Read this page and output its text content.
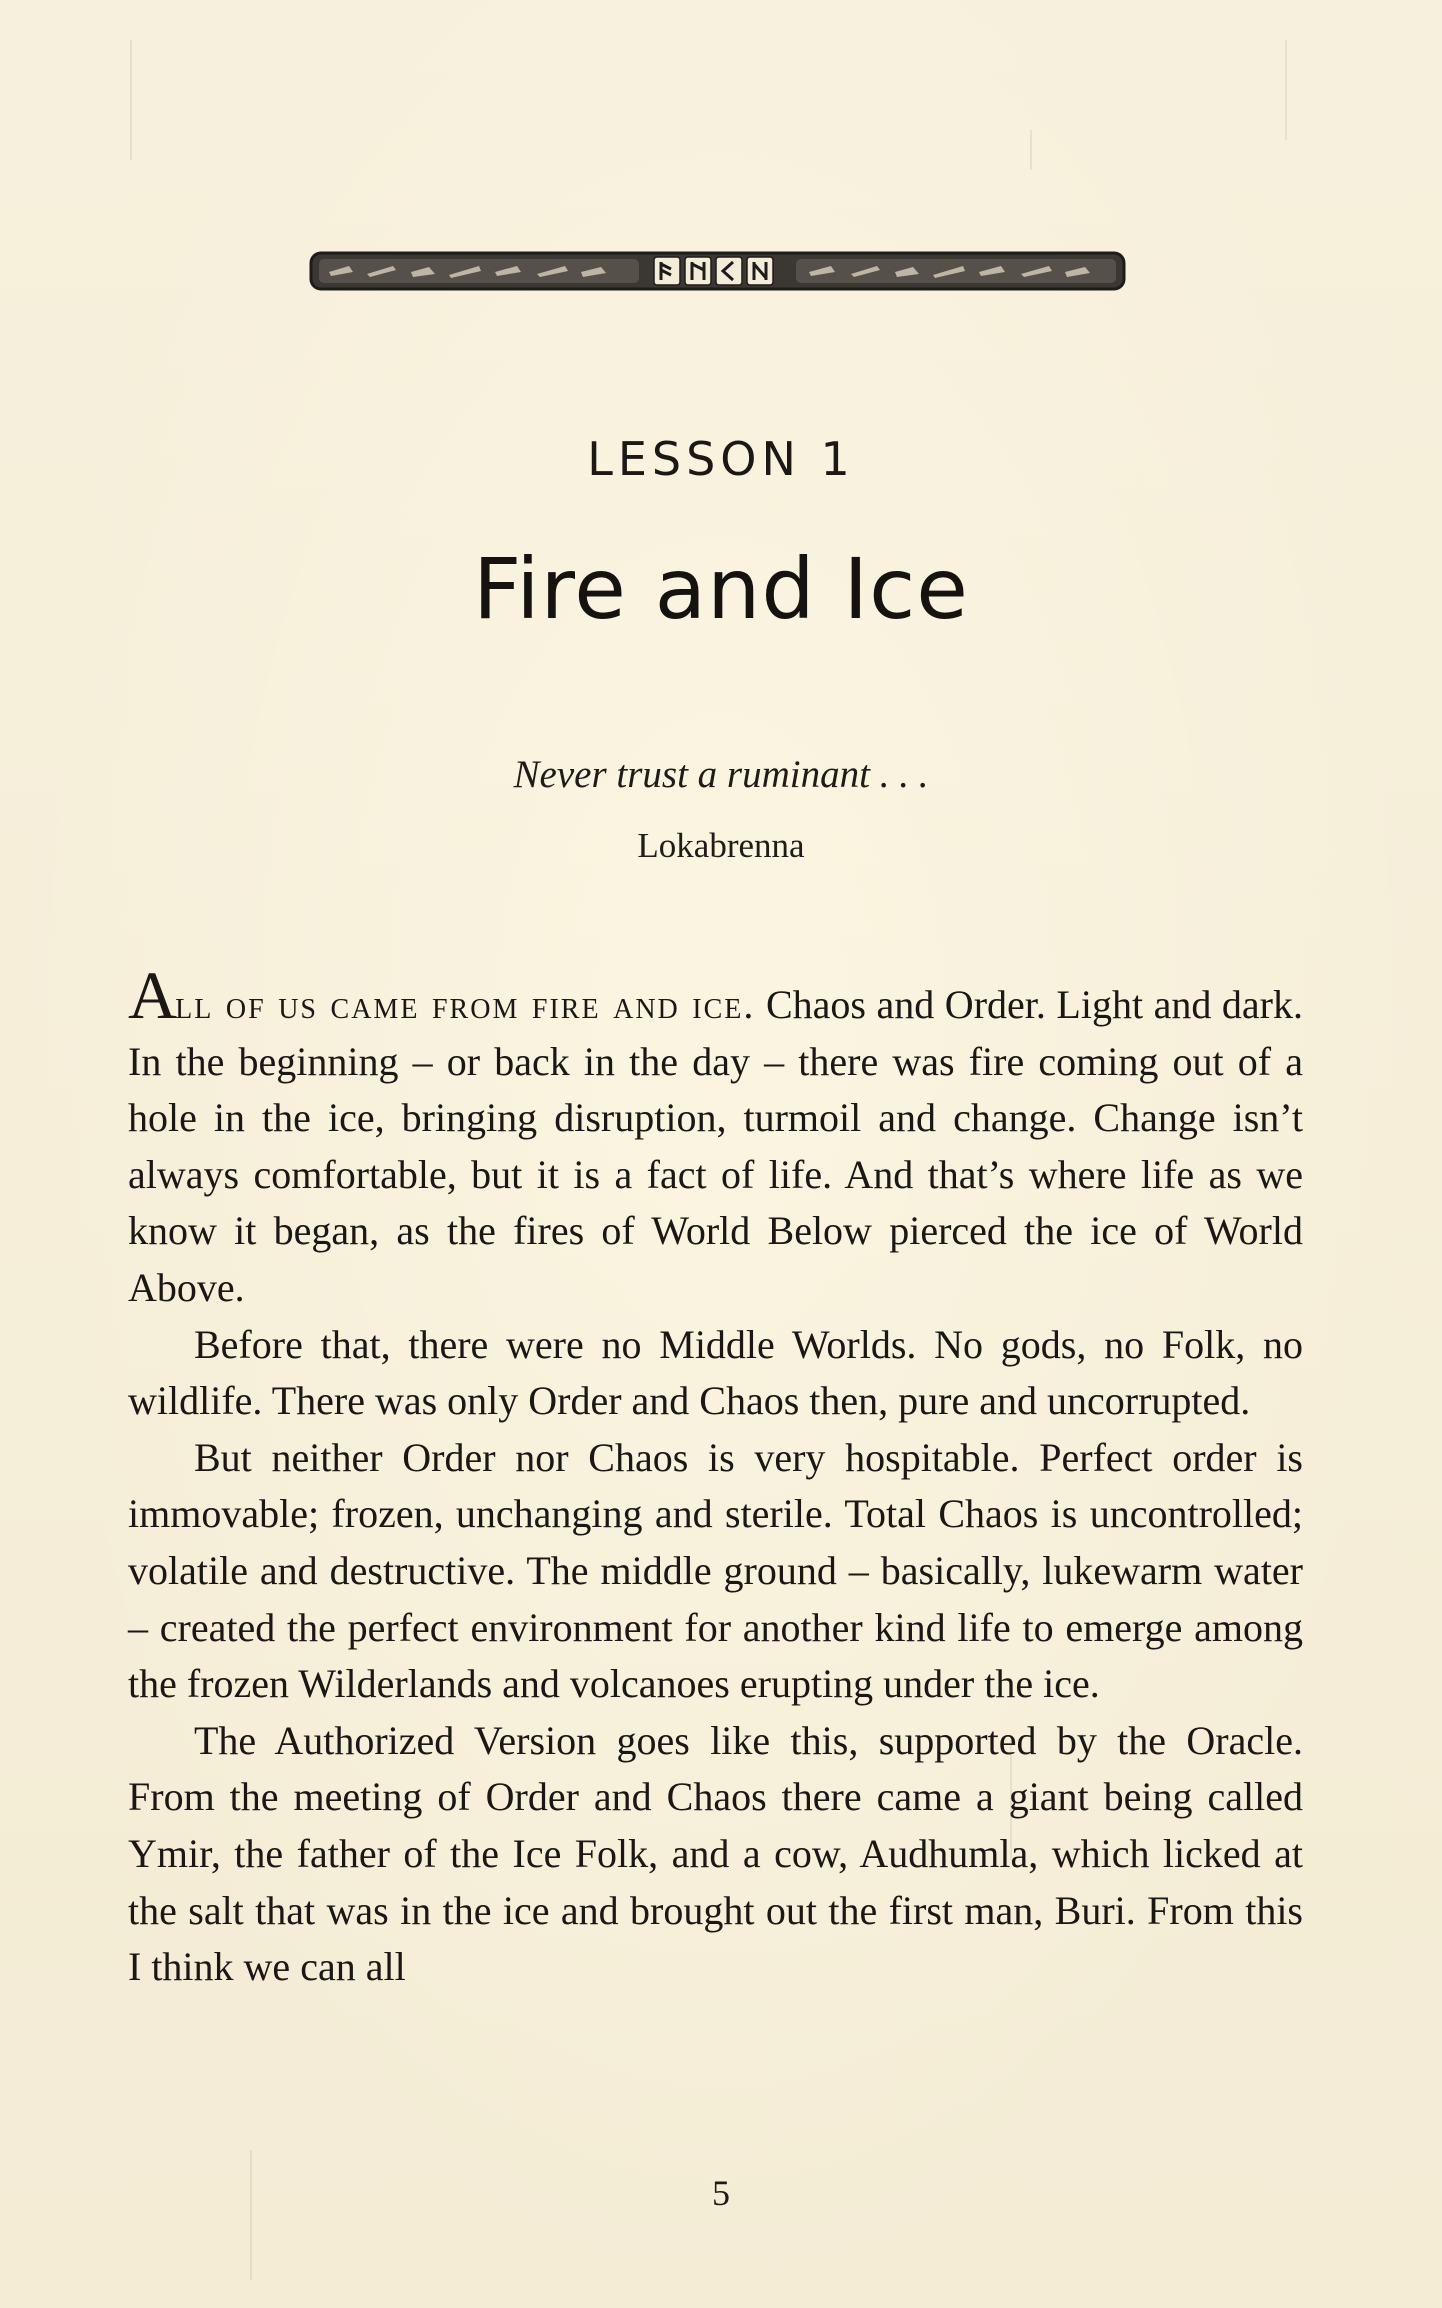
LESSON 1
Fire and Ice
Never trust a ruminant . . .
Lokabrenna

All of us came from fire and ice. Chaos and Order. Light and dark. In the beginning – or back in the day – there was fire coming out of a hole in the ice, bringing disruption, turmoil and change. Change isn’t always comfortable, but it is a fact of life. And that’s where life as we know it began, as the fires of World Below pierced the ice of World Above.

Before that, there were no Middle Worlds. No gods, no Folk, no wildlife. There was only Order and Chaos then, pure and uncorrupted.

But neither Order nor Chaos is very hospitable. Perfect order is immovable; frozen, unchanging and sterile. Total Chaos is uncontrolled; volatile and destructive. The middle ground – basically, lukewarm water – created the perfect environment for another kind life to emerge among the frozen Wilderlands and volcanoes erupting under the ice.

The Authorized Version goes like this, supported by the Oracle. From the meeting of Order and Chaos there came a giant being called Ymir, the father of the Ice Folk, and a cow, Audhumla, which licked at the salt that was in the ice and brought out the first man, Buri. From this I think we can all

5
